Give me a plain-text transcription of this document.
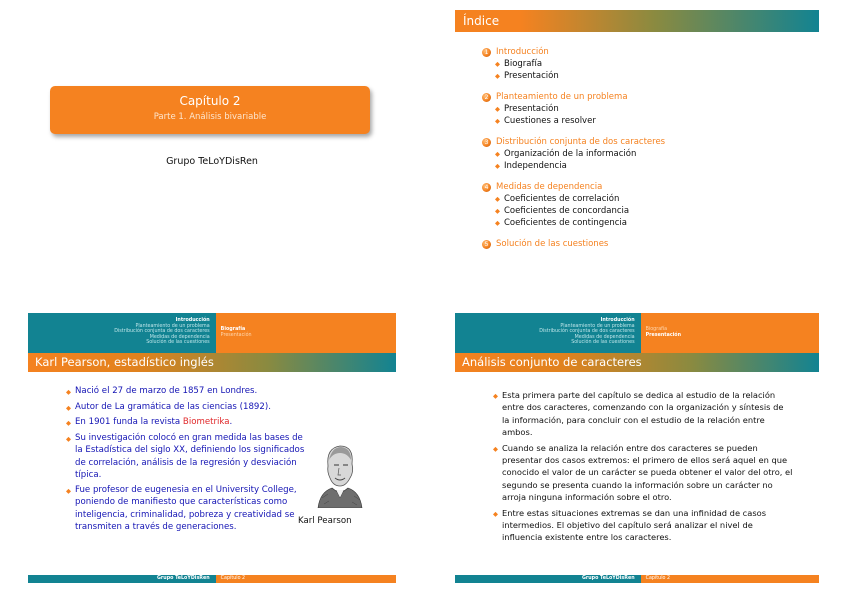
Capítulo 2
Parte 1. Análisis bivariable
Grupo TeLoYDisRen
Índice
1 Introducción
◆ Biografía
◆ Presentación
2 Planteamiento de un problema
◆ Presentación
◆ Cuestiones a resolver
3 Distribución conjunta de dos caracteres
◆ Organización de la información
◆ Independencia
4 Medidas de dependencia
◆ Coeficientes de correlación
◆ Coeficientes de concordancia
◆ Coeficientes de contingencia
5 Solución de las cuestiones
Introducción
Planteamiento de un problema
Distribución conjunta de dos caracteres
Medidas de dependencia
Solución de las cuestiones
Biografía
Presentación
Karl Pearson, estadístico inglés
◆ Nació el 27 de marzo de 1857 en Londres.
◆ Autor de La gramática de las ciencias (1892).
◆ En 1901 funda la revista Biometrika.
◆ Su investigación colocó en gran medida las bases de la Estadística del siglo XX, definiendo los significados de correlación, análisis de la regresión y desviación típica.
◆ Fue profesor de eugenesia en el University College, poniendo de manifiesto que características como inteligencia, criminalidad, pobreza y creatividad se transmiten a través de generaciones.
Karl Pearson
Grupo TeLoYDisRen	Capítulo 2
Introducción
Planteamiento de un problema
Distribución conjunta de dos caracteres
Medidas de dependencia
Solución de las cuestiones
Biografía
Presentación
Análisis conjunto de caracteres
◆ Esta primera parte del capítulo se dedica al estudio de la relación entre dos caracteres, comenzando con la organización y síntesis de la información, para concluir con el estudio de la relación entre ambos.
◆ Cuando se analiza la relación entre dos caracteres se pueden presentar dos casos extremos: el primero de ellos será aquel en que conocido el valor de un carácter se pueda obtener el valor del otro, el segundo se presenta cuando la información sobre un carácter no arroja ninguna información sobre el otro.
◆ Entre estas situaciones extremas se dan una infinidad de casos intermedios. El objetivo del capítulo será analizar el nivel de influencia existente entre los caracteres.
Grupo TeLoYDisRen	Capítulo 2
